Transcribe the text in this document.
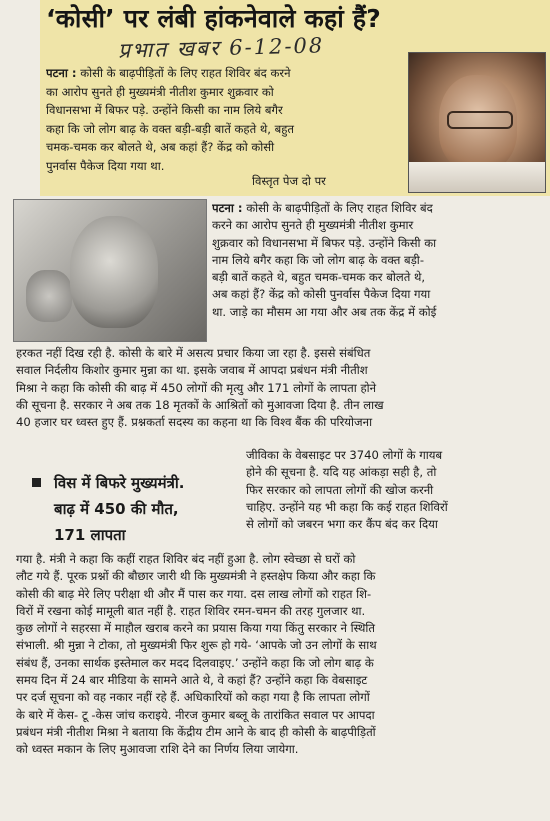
‘कोसी’ पर लंबी हांकनेवाले कहां हैं?
प्रभात खबर 6-12-08
पटना : कोसी के बाढ़पीड़ितों के लिए राहत शिविर बंद करने
का आरोप सुनते ही मुख्यमंत्री नीतीश कुमार शुक्रवार को
विधानसभा में बिफर पड़े. उन्होंने किसी का नाम लिये बगैर
कहा कि जो लोग बाढ़ के वक्त बड़ी-बड़ी बातें कहते थे, बहुत
चमक-चमक कर बोलते थे, अब कहां हैं? केंद्र को कोसी
पुनर्वास पैकेज दिया गया था.
विस्तृत पेज दो पर
पटना : कोसी के बाढ़पीड़ितों के लिए राहत शिविर बंद
करने का आरोप सुनते ही मुख्यमंत्री नीतीश कुमार
शुक्रवार को विधानसभा में बिफर पड़े. उन्होंने किसी का
नाम लिये बगैर कहा कि जो लोग बाढ़ के वक्त बड़ी-
बड़ी बातें कहते थे, बहुत चमक-चमक कर बोलते थे,
अब कहां हैं? केंद्र को कोसी पुनर्वास पैकेज दिया गया
था. जाड़े का मौसम आ गया और अब तक केंद्र में कोई
हरकत नहीं दिख रही है. कोसी के बारे में असत्य प्रचार किया जा रहा है. इससे संबंधित
सवाल निर्दलीय किशोर कुमार मुन्ना का था. इसके जवाब में आपदा प्रबंधन मंत्री नीतीश
मिश्रा ने कहा कि कोसी की बाढ़ में 450 लोगों की मृत्यु और 171 लोगों के लापता होने
की सूचना है. सरकार ने अब तक 18 मृतकों के आश्रितों को मुआवजा दिया है. तीन लाख
40 हजार घर ध्वस्त हुए हैं. प्रश्नकर्ता सदस्य का कहना था कि विश्व बैंक की परियोजना
विस में बिफरे मुख्यमंत्री.
बाढ़ में 450 की मौत,
171 लापता
जीविका के वेबसाइट पर 3740 लोगों के गायब
होने की सूचना है. यदि यह आंकड़ा सही है, तो
फिर सरकार को लापता लोगों की खोज करनी
चाहिए. उन्होंने यह भी कहा कि कई राहत शिविरों
से लोगों को जबरन भगा कर कैंप बंद कर दिया
गया है. मंत्री ने कहा कि कहीं राहत शिविर बंद नहीं हुआ है. लोग स्वेच्छा से घरों को
लौट गये हैं. पूरक प्रश्नों की बौछार जारी थी कि मुख्यमंत्री ने हस्तक्षेप किया और कहा कि
कोसी की बाढ़ मेरे लिए परीक्षा थी और मैं पास कर गया. दस लाख लोगों को राहत शि-
विरों में रखना कोई मामूली बात नहीं है. राहत शिविर रमन-चमन की तरह गुलजार था.
कुछ लोगों ने सहरसा में माहौल खराब करने का प्रयास किया गया किंतु सरकार ने स्थिति
संभाली. श्री मुन्ना ने टोका, तो मुख्यमंत्री फिर शुरू हो गये- ‘आपके जो उन लोगों के साथ
संबंध हैं, उनका सार्थक इस्तेमाल कर मदद दिलवाइए.’ उन्होंने कहा कि जो लोग बाढ़ के
समय दिन में 24 बार मीडिया के सामने आते थे, वे कहां हैं? उन्होंने कहा कि वेबसाइट
पर दर्ज सूचना को वह नकार नहीं रहे हैं. अधिकारियों को कहा गया है कि लापता लोगों
के बारे में केस- टू -केस जांच कराइये. नीरज कुमार बब्लू के तारांकित सवाल पर आपदा
प्रबंधन मंत्री नीतीश मिश्रा ने बताया कि केंद्रीय टीम आने के बाद ही कोसी के बाढ़पीड़ितों
को ध्वस्त मकान के लिए मुआवजा राशि देने का निर्णय लिया जायेगा.
